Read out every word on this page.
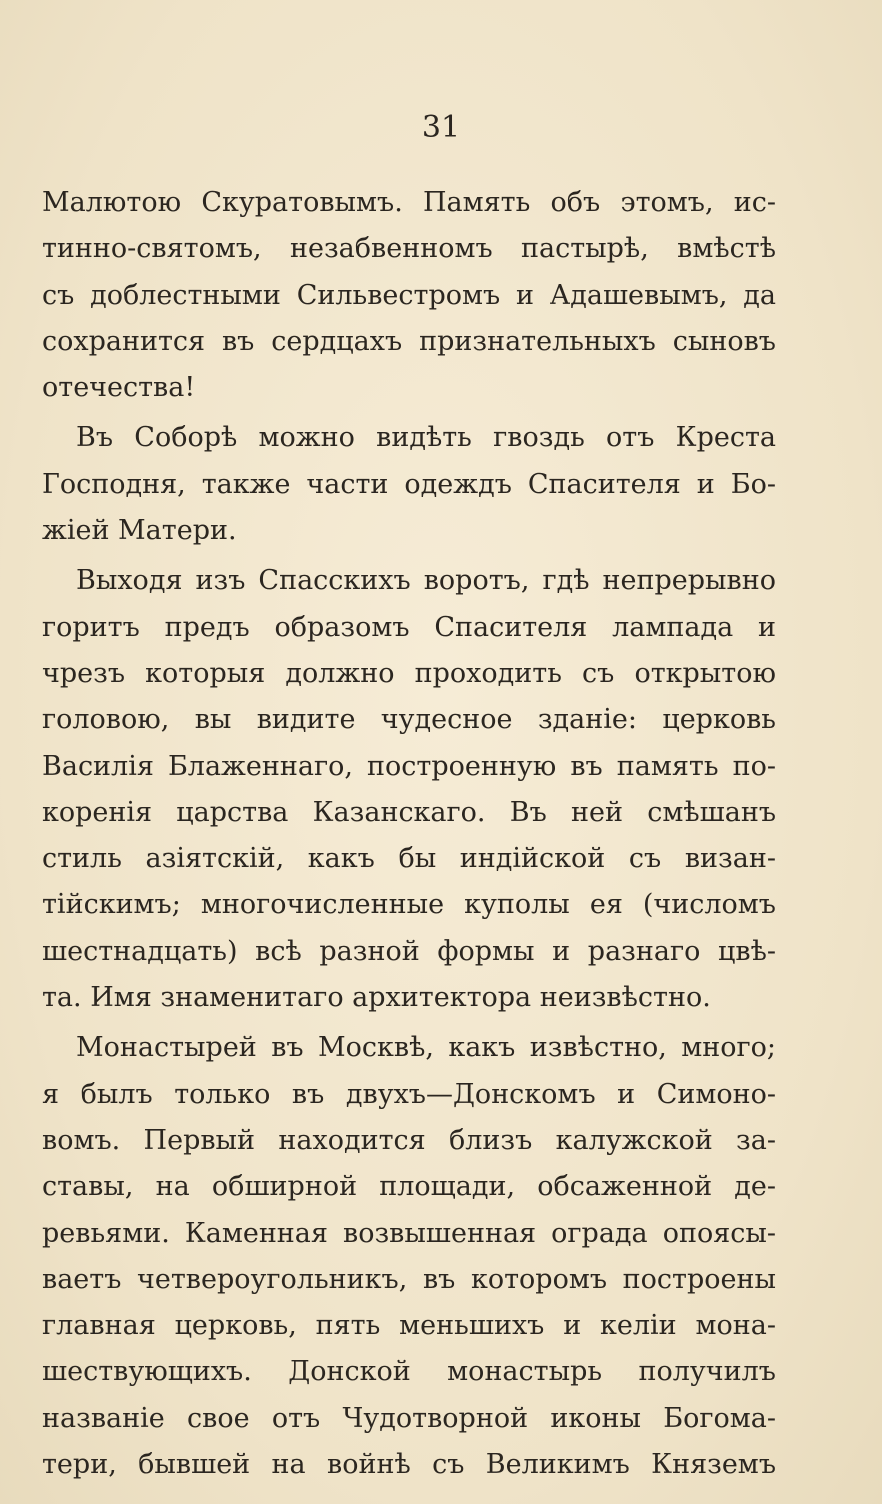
31
Малютою Скуратовымъ. Память объ этомъ, ис-
тинно-святомъ, незабвенномъ пастырѣ, вмѣстѣ
съ доблестными Сильвестромъ и Адашевымъ, да
сохранится въ сердцахъ признательныхъ сыновъ
отечества!
Въ Соборѣ можно видѣть гвоздь отъ Креста
Господня, также части одеждъ Спасителя и Бо-
жіей Матери.
Выходя изъ Спасскихъ воротъ, гдѣ непрерывно
горитъ предъ образомъ Спасителя лампада и
чрезъ которыя должно проходить съ открытою
головою, вы видите чудесное зданіе: церковь
Василія Блаженнаго, построенную въ память по-
коренія царства Казанскаго. Въ ней смѣшанъ
стиль азіятскій, какъ бы индійской съ визан-
тійскимъ; многочисленные куполы ея (числомъ
шестнадцать) всѣ разной формы и разнаго цвѣ-
та. Имя знаменитаго архитектора неизвѣстно.
Монастырей въ Москвѣ, какъ извѣстно, много;
я былъ только въ двухъ—Донскомъ и Симоно-
вомъ. Первый находится близъ калужской за-
ставы, на обширной площади, обсаженной де-
ревьями. Каменная возвышенная ограда опоясы-
ваетъ четвероугольникъ, въ которомъ построены
главная церковь, пять меньшихъ и келіи мона-
шествующихъ. Донской монастырь получилъ
названіе свое отъ Чудотворной иконы Богома-
тери, бывшей на войнѣ съ Великимъ Княземъ
